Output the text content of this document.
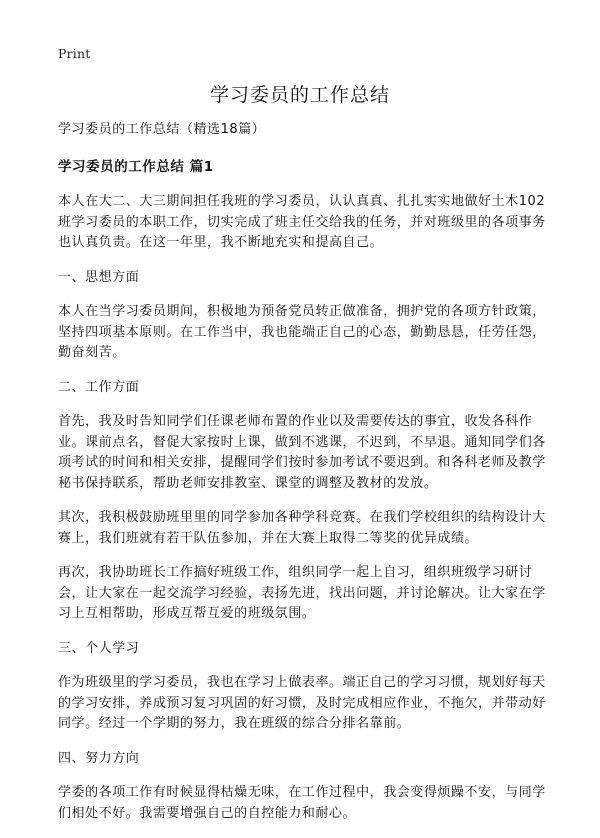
Print
学习委员的工作总结

学习委员的工作总结（精选18篇）

学习委员的工作总结 篇1

本人在大二、大三期间担任我班的学习委员，认认真真、扎扎实实地做好土木102班学习委员的本职工作，切实完成了班主任交给我的任务，并对班级里的各项事务也认真负责。在这一年里，我不断地充实和提高自己。

一、思想方面

本人在当学习委员期间，积极地为预备党员转正做准备，拥护党的各项方针政策，坚持四项基本原则。在工作当中，我也能端正自己的心态，勤勤恳恳，任劳任怨，勤奋刻苦。

二、工作方面

首先，我及时告知同学们任课老师布置的作业以及需要传达的事宜，收发各科作业。课前点名，督促大家按时上课，做到不逃课，不迟到，不早退。通知同学们各项考试的时间和相关安排，提醒同学们按时参加考试不要迟到。和各科老师及教学秘书保持联系，帮助老师安排教室、课堂的调整及教材的发放。

其次，我积极鼓励班里里的同学参加各种学科竞赛。在我们学校组织的结构设计大赛上，我们班就有若干队伍参加，并在大赛上取得二等奖的优异成绩。

再次，我协助班长工作搞好班级工作，组织同学一起上自习，组织班级学习研讨会，让大家在一起交流学习经验，表扬先进，找出问题，并讨论解决。让大家在学习上互相帮助，形成互帮互爱的班级氛围。

三、个人学习

作为班级里的学习委员，我也在学习上做表率。端正自己的学习习惯，规划好每天的学习安排，养成预习复习巩固的好习惯，及时完成相应作业，不拖欠，并带动好同学。经过一个学期的努力，我在班级的综合分排名靠前。

四、努力方向

学委的各项工作有时候显得枯燥无味，在工作过程中，我会变得烦躁不安，与同学们相处不好。我需要增强自己的自控能力和耐心。
